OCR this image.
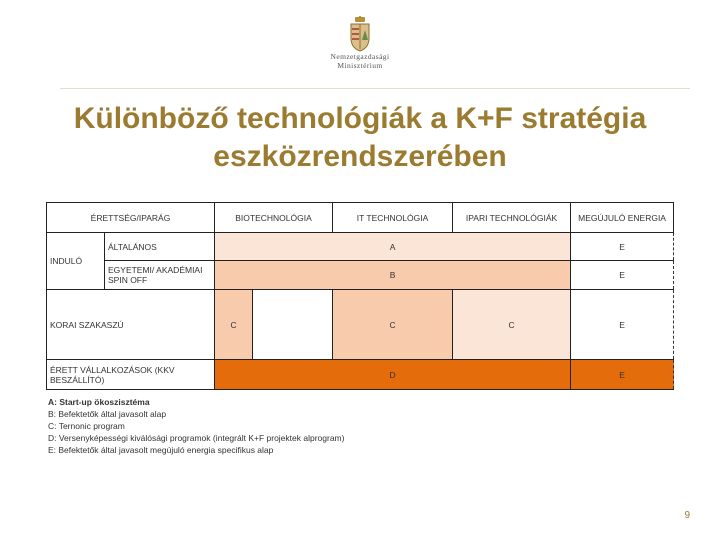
Nemzetgazdasági
Minisztérium
Különböző technológiák a K+F stratégia
eszközrendszerében
ÉRETTSÉG/IPARÁG		BIOTECHNOLÓGIA		IT TECHNOLÓGIA	IPARI TECHNOLÓGIÁK	MEGÚJULÓ ENERGIA
INDULÓ	ÁLTALÁNOS	A				E
	EGYETEMI/ AKADÉMIAI SPIN OFF	B				E
KORAI SZAKASZÚ		C		C	C	E
ÉRETT VÁLLALKOZÁSOK (KKV BESZÁLLÍTÓ)		D				E
A: Start-up ökoszisztéma
B: Befektetők által javasolt alap
C: Ternonic program
D: Versenyképességi kiválósági programok (integrált K+F projektek alprogram)
E: Befektetők által javasolt megújuló energia specifikus alap
9
